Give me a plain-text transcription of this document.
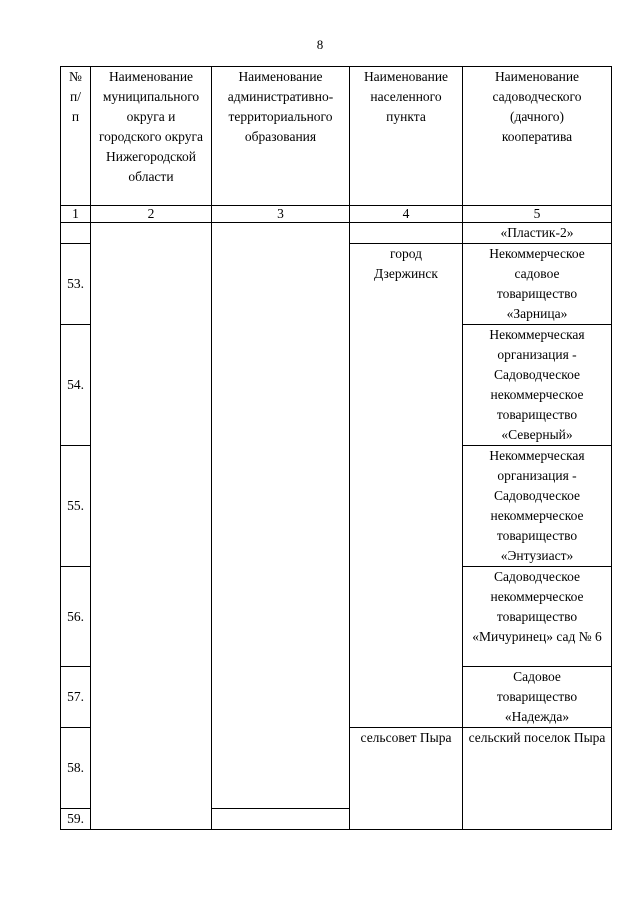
8
№ п/п	Наименование муниципального округа и городского округа Нижегородской области	Наименование административно-территориального образования	Наименование населенного пункта	Наименование садоводческого (дачного) кооператива	
1	2	3	4	5	
				«Пластик-2»	
53.			город Дзержинск	Некоммерческое садовое товарищество «Зарница»	
54.				Некоммерческая организация - Садоводческое некоммерческое товарищество «Северный»	
55.				Некоммерческая организация - Садоводческое некоммерческое товарищество «Энтузиаст»	
56.				Садоводческое некоммерческое товарищество «Мичуринец» сад № 6	
57.				Садовое товарищество «Надежда»	
58.			сельсовет Пыра	сельский поселок Пыра	
59.		
